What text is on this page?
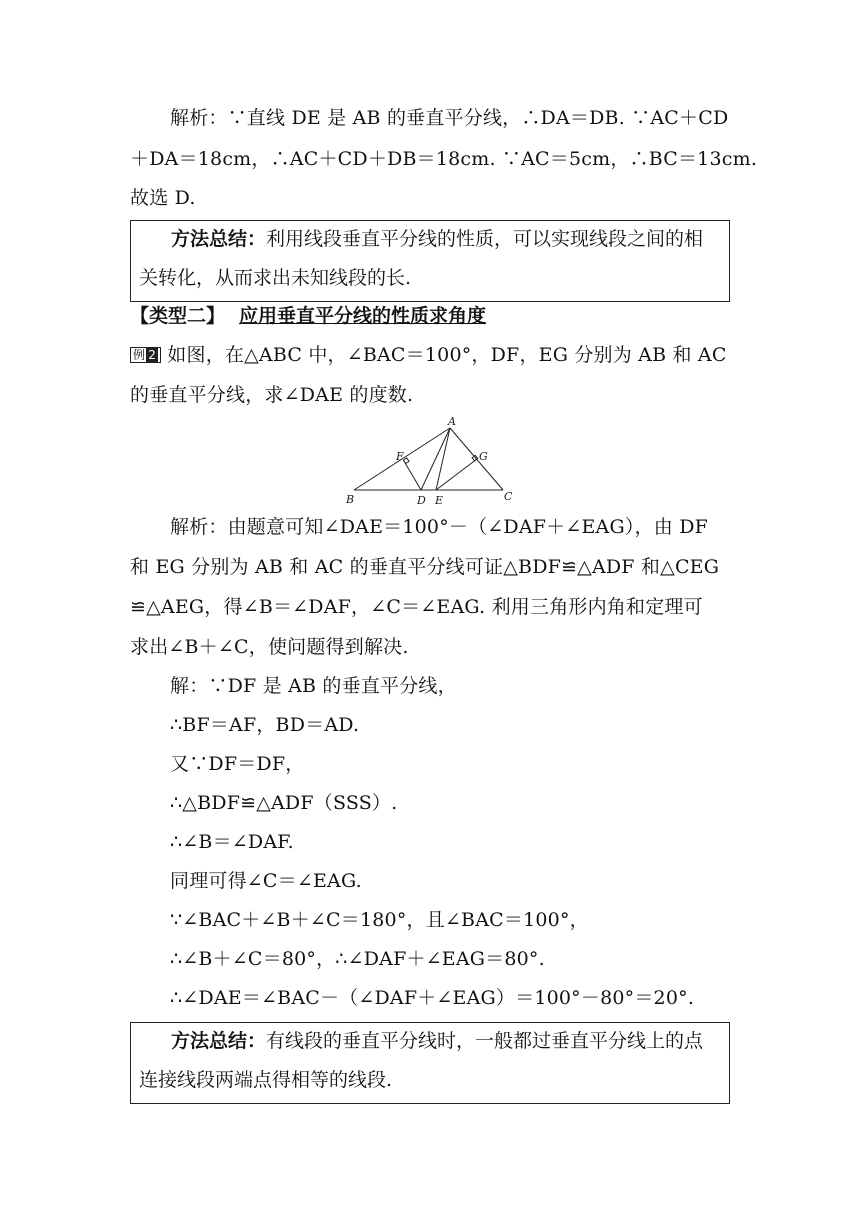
解析：∵直线 DE 是 AB 的垂直平分线，∴DA＝DB. ∵AC＋CD
＋DA＝18cm，∴AC＋CD＋DB＝18cm. ∵AC＝5cm，∴BC＝13cm.
故选 D.
方法总结：利用线段垂直平分线的性质，可以实现线段之间的相
关转化，从而求出未知线段的长.
【类型二】 应用垂直平分线的性质求角度
例 2 如图，在△ABC 中，∠BAC＝100°，DF，EG 分别为 AB 和 AC
的垂直平分线，求∠DAE 的度数.
A
B	C
D E
F	G
解析：由题意可知∠DAE＝100°－（∠DAF＋∠EAG），由 DF
和 EG 分别为 AB 和 AC 的垂直平分线可证△BDF≌△ADF 和△CEG
≌△AEG，得∠B＝∠DAF，∠C＝∠EAG. 利用三角形内角和定理可
求出∠B＋∠C，使问题得到解决.
解：∵DF 是 AB 的垂直平分线，
∴BF＝AF，BD＝AD.
又∵DF＝DF，
∴△BDF≌△ADF（SSS）.
∴∠B＝∠DAF.
同理可得∠C＝∠EAG.
∵∠BAC＋∠B＋∠C＝180°，且∠BAC＝100°，
∴∠B＋∠C＝80°，∴∠DAF＋∠EAG＝80°.
∴∠DAE＝∠BAC－（∠DAF＋∠EAG）＝100°－80°＝20°.
方法总结：有线段的垂直平分线时，一般都过垂直平分线上的点
连接线段两端点得相等的线段.
